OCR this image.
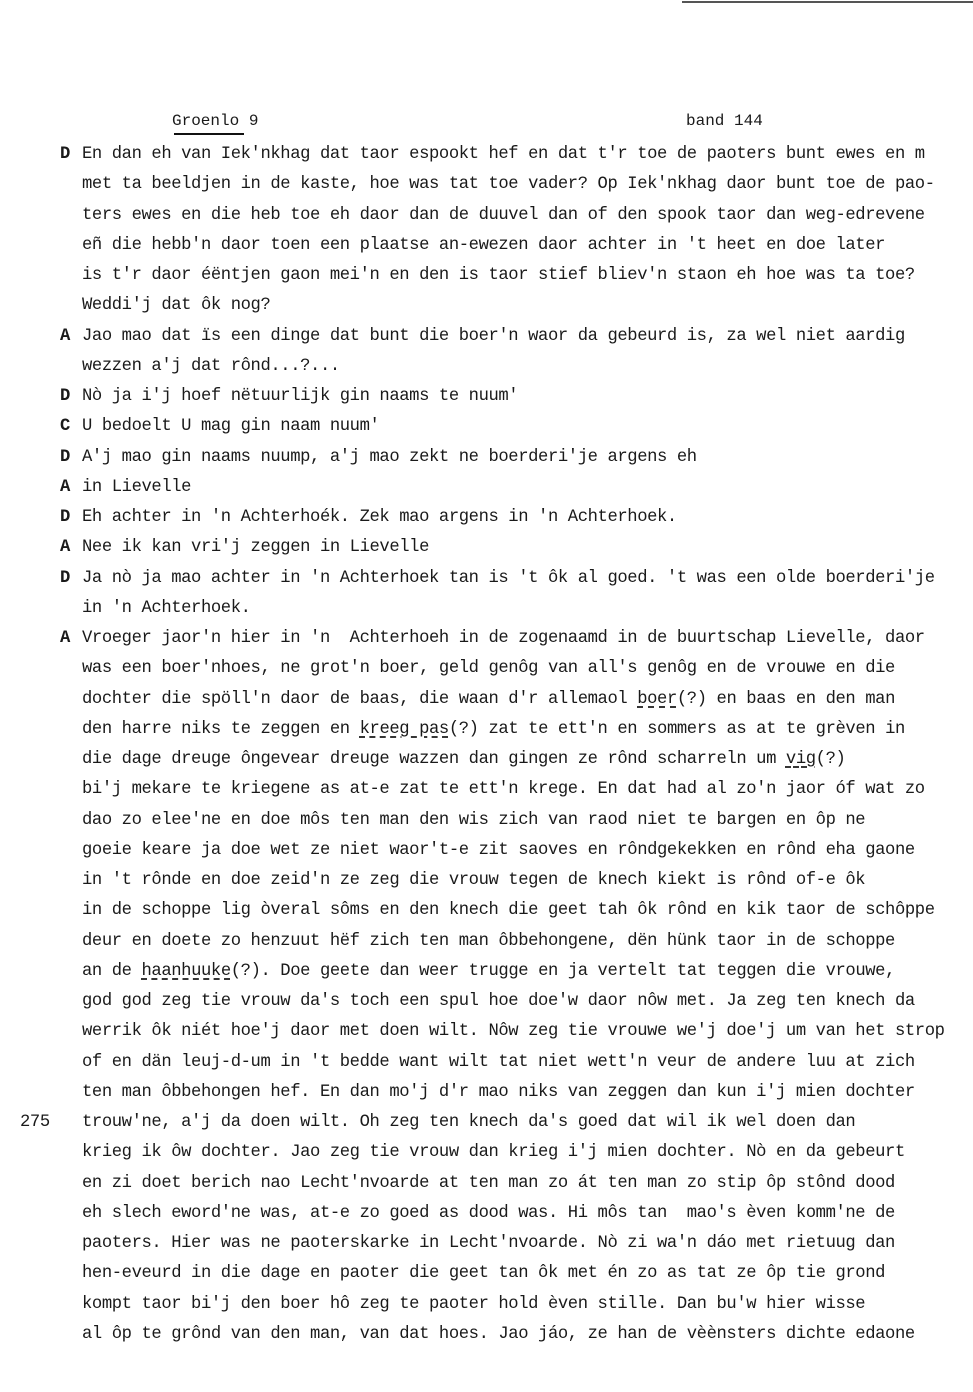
Groenlo 9	band 144
D En dan eh van Iek'nkhag dat taor espookt hef en dat t'r toe de paoters bunt ewes en m
met ta beeldjen in de kaste, hoe was tat toe vader? Op Iek'nkhag daor bunt toe de pao-
ters ewes en die heb toe eh daor dan de duuvel dan of den spook taor dan weg-edrevene
eñ die hebb'n daor toen een plaatse an-ewezen daor achter in 't heet en doe later
is t'r daor éëntjen gaon mei'n en den is taor stief bliev'n staon eh hoe was ta toe?
Weddi'j dat ôk nog?
A Jao mao dat ïs een dinge dat bunt die boer'n waor da gebeurd is, za wel niet aardig
wezzen a'j dat rônd...?...
D Nò ja i'j hoef nëtuurlijk gin naams te nuum'
C U bedoelt U mag gin naam nuum'
D A'j mao gin naams nuump, a'j mao zekt ne boerderi'je argens eh
A in Lievelle
D Eh achter in 'n Achterhoék. Zek mao argens in 'n Achterhoek.
A Nee ik kan vri'j zeggen in Lievelle
D Ja nò ja mao achter in 'n Achterhoek tan is 't ôk al goed. 't was een olde boerderi'je
in 'n Achterhoek.
A Vroeger jaor'n hier in 'n  Achterhoeh in de zogenaamd in de buurtschap Lievelle, daor
was een boer'nhoes, ne grot'n boer, geld genôg van all's genôg en de vrouwe en die
dochter die spöll'n daor de baas, die waan d'r allemaol boer(?) en baas en den man
den harre niks te zeggen en kreeg pas(?) zat te ett'n en sommers as at te grèven in
die dage dreuge ôngevear dreuge wazzen dan gingen ze rônd scharreln um vig(?)
bi'j mekare te kriegene as at-e zat te ett'n krege. En dat had al zo'n jaor óf wat zo
dao zo elee'ne en doe môs ten man den wis zich van raod niet te bargen en ôp ne
goeie keare ja doe wet ze niet waor't-e zit saoves en rôndgekekken en rônd eha gaone
in 't rônde en doe zeid'n ze zeg die vrouw tegen de knech kiekt is rônd of-e ôk
in de schoppe lig òveral sôms en den knech die geet tah ôk rônd en kik taor de schôppe
deur en doete zo henzuut hëf zich ten man ôbbehongene, dën hünk taor in de schoppe
an de haanhuuke(?). Doe geete dan weer trugge en ja vertelt tat teggen die vrouwe,
god god zeg tie vrouw da's toch een spul hoe doe'w daor nôw met. Ja zeg ten knech da
werrik ôk niét hoe'j daor met doen wilt. Nôw zeg tie vrouwe we'j doe'j um van het strop
of en dän leuj-d-um in 't bedde want wilt tat niet wett'n veur de andere luu at zich
ten man ôbbehongen hef. En dan mo'j d'r mao niks van zeggen dan kun i'j mien dochter
275 trouw'ne, a'j da doen wilt. Oh zeg ten knech da's goed dat wil ik wel doen dan
krieg ik ôw dochter. Jao zeg tie vrouw dan krieg i'j mien dochter. Nò en da gebeurt
en zi doet berich nao Lecht'nvoarde at ten man zo át ten man zo stip ôp stônd dood
eh slech eword'ne was, at-e zo goed as dood was. Hi môs tan  mao's èven komm'ne de
paoters. Hier was ne paoterskarke in Lecht'nvoarde. Nò zi wa'n dáo met rietuug dan
hen-eveurd in die dage en paoter die geet tan ôk met én zo as tat ze ôp tie grond
kompt taor bi'j den boer hô zeg te paoter hold èven stille. Dan bu'w hier wisse
al ôp te grônd van den man, van dat hoes. Jao jáo, ze han de vèènsters dichte edaone
